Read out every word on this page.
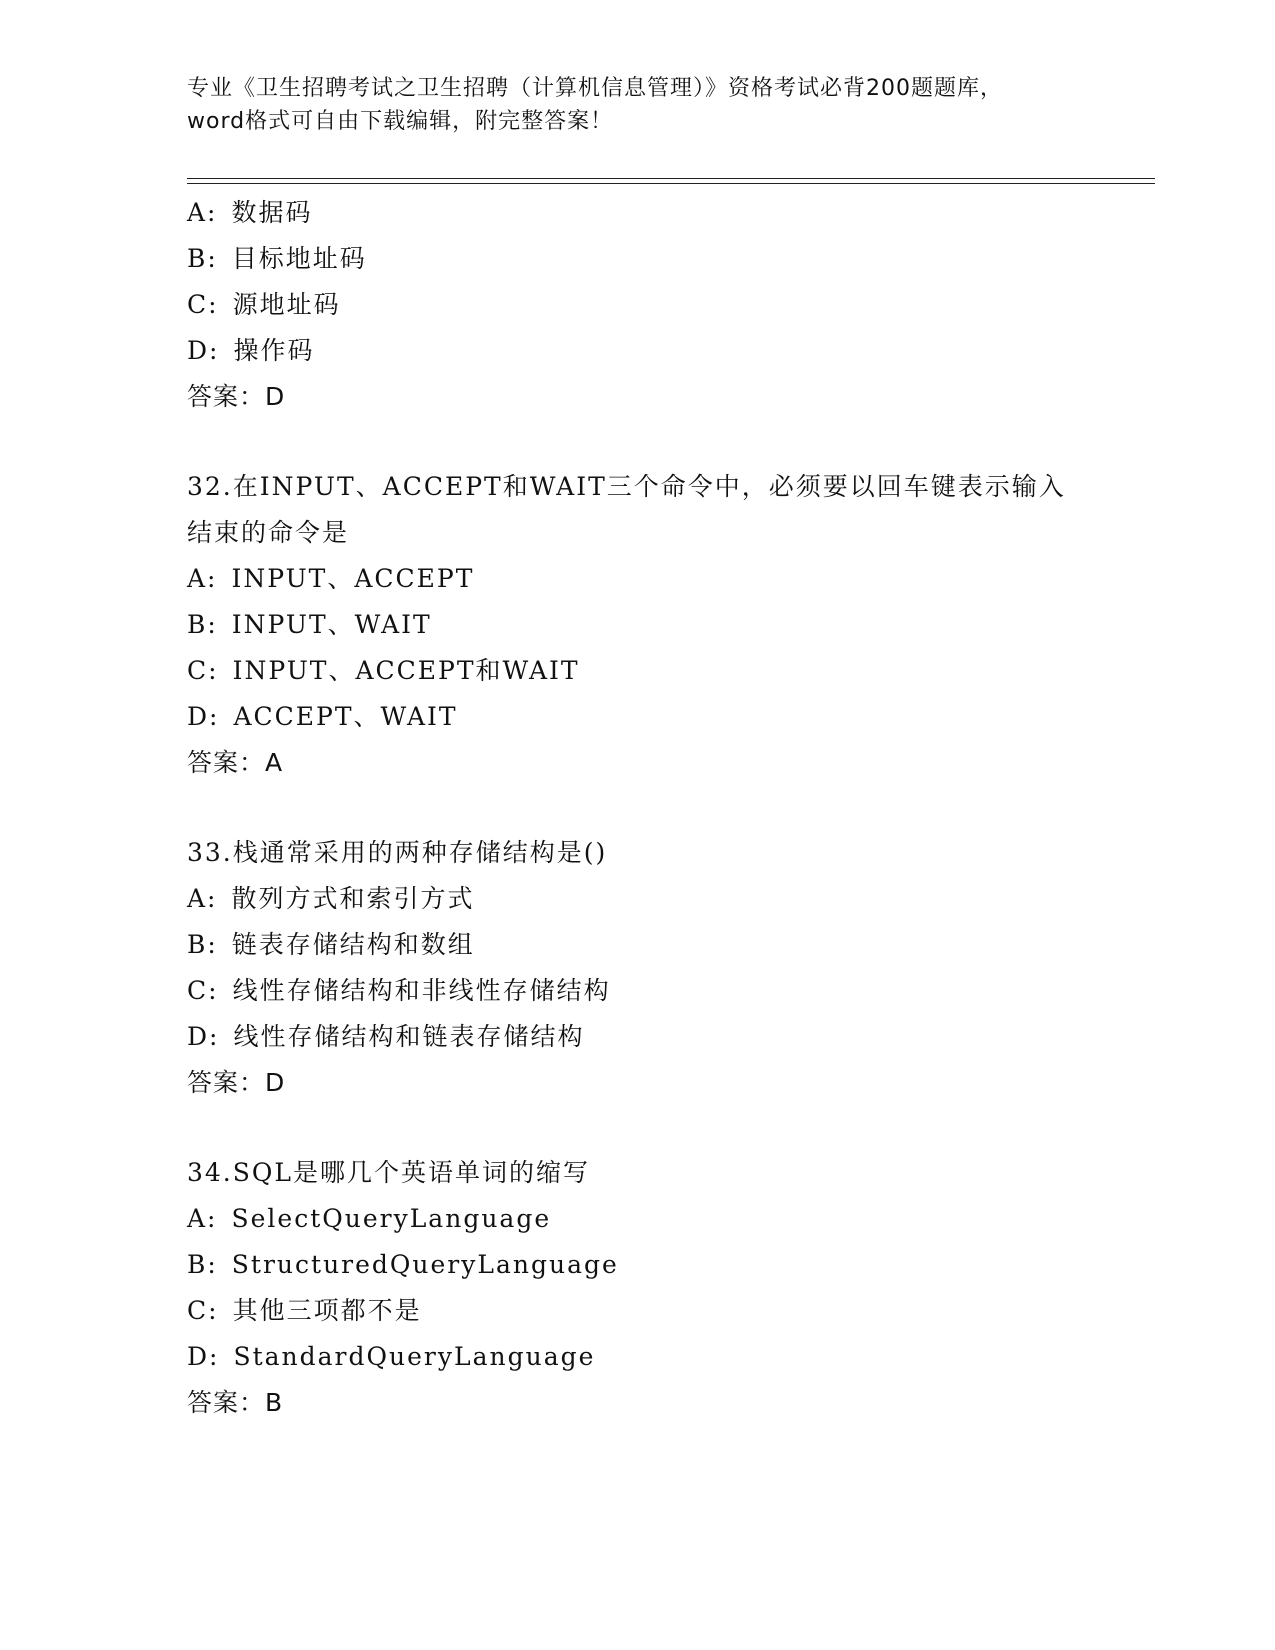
专业《卫生招聘考试之卫生招聘（计算机信息管理）》资格考试必背200题题库，
word格式可自由下载编辑，附完整答案！
A: 数据码
B: 目标地址码
C: 源地址码
D: 操作码
答案：D
32.在INPUT、ACCEPT和WAIT三个命令中，必须要以回车键表示输入
结束的命令是
A: INPUT、ACCEPT
B: INPUT、WAIT
C: INPUT、ACCEPT和WAIT
D: ACCEPT、WAIT
答案：A
33.栈通常采用的两种存储结构是()
A: 散列方式和索引方式
B: 链表存储结构和数组
C: 线性存储结构和非线性存储结构
D: 线性存储结构和链表存储结构
答案：D
34.SQL是哪几个英语单词的缩写
A: SelectQueryLanguage
B: StructuredQueryLanguage
C: 其他三项都不是
D: StandardQueryLanguage
答案：B
